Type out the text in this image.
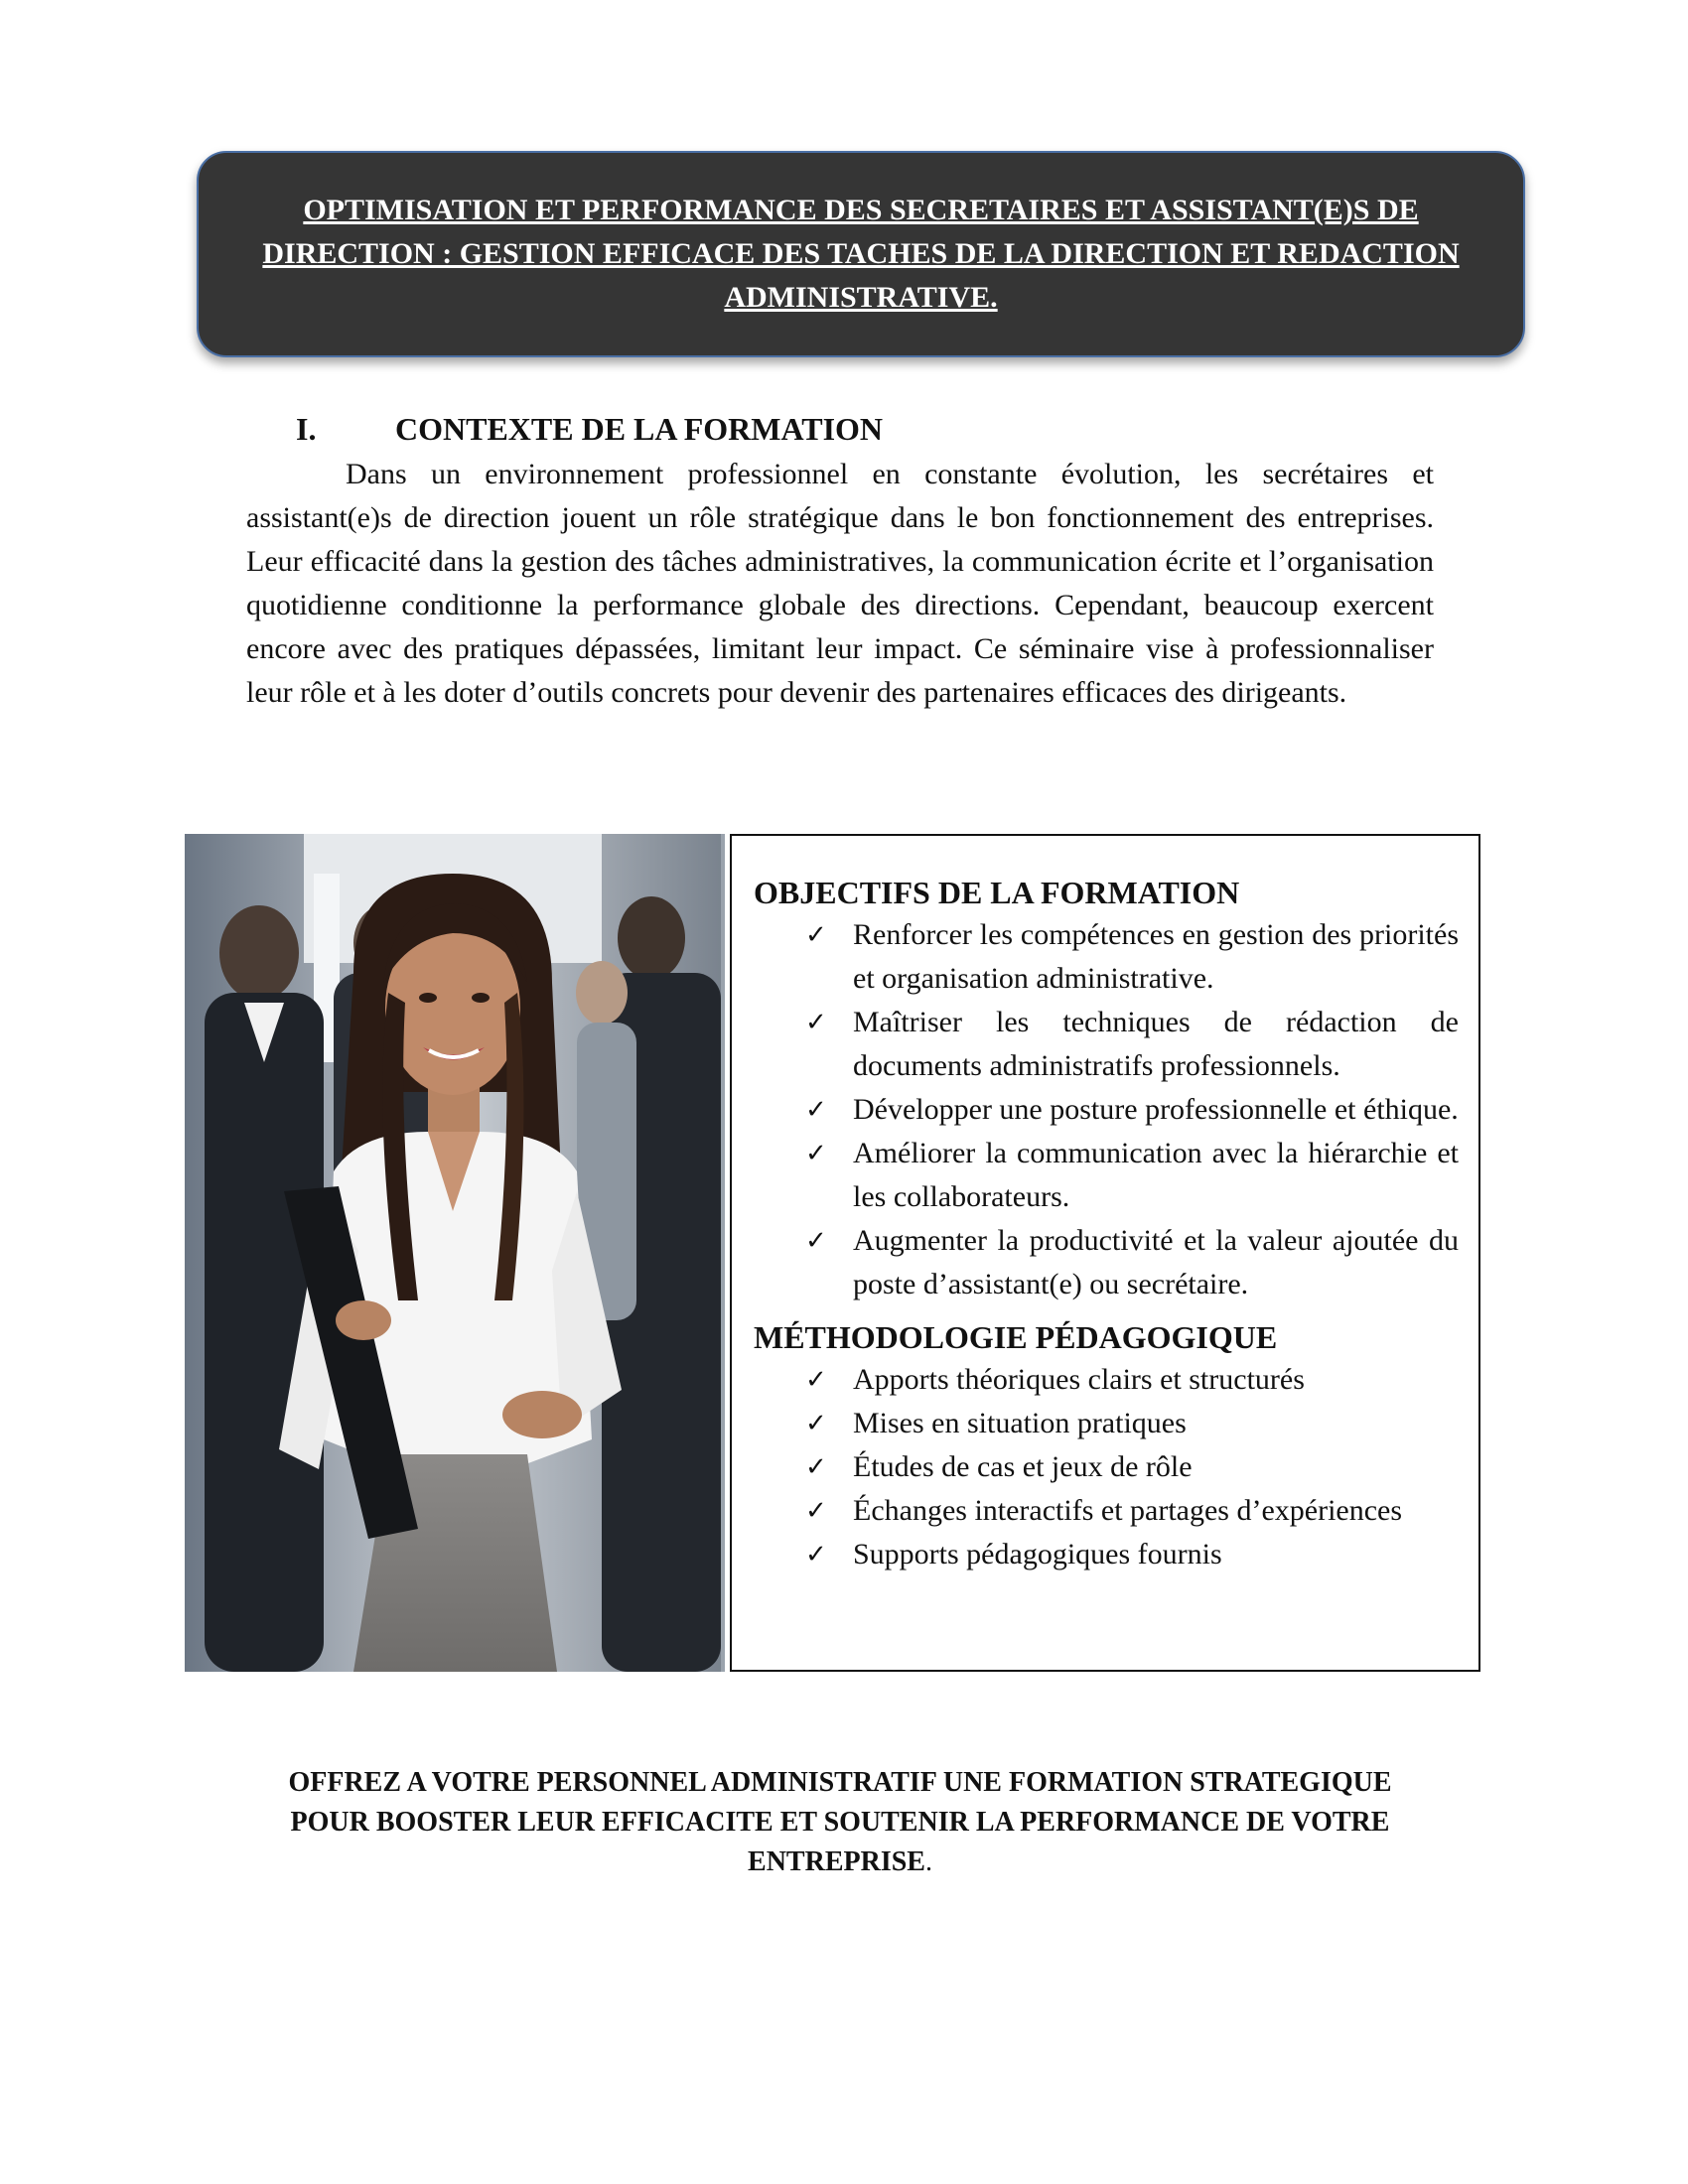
OPTIMISATION ET PERFORMANCE DES SECRETAIRES ET ASSISTANT(E)S DE DIRECTION : GESTION EFFICACE DES TACHES DE LA DIRECTION ET REDACTION ADMINISTRATIVE.

I. CONTEXTE DE LA FORMATION

Dans un environnement professionnel en constante évolution, les secrétaires et assistant(e)s de direction jouent un rôle stratégique dans le bon fonctionnement des entreprises. Leur efficacité dans la gestion des tâches administratives, la communication écrite et l’organisation quotidienne conditionne la performance globale des directions. Cependant, beaucoup exercent encore avec des pratiques dépassées, limitant leur impact. Ce séminaire vise à professionnaliser leur rôle et à les doter d’outils concrets pour devenir des partenaires efficaces des dirigeants.

OBJECTIFS DE LA FORMATION
✓ Renforcer les compétences en gestion des priorités et organisation administrative.
✓ Maîtriser les techniques de rédaction de documents administratifs professionnels.
✓ Développer une posture professionnelle et éthique.
✓ Améliorer la communication avec la hiérarchie et les collaborateurs.
✓ Augmenter la productivité et la valeur ajoutée du poste d’assistant(e) ou secrétaire.
MÉTHODOLOGIE PÉDAGOGIQUE
✓ Apports théoriques clairs et structurés
✓ Mises en situation pratiques
✓ Études de cas et jeux de rôle
✓ Échanges interactifs et partages d’expériences
✓ Supports pédagogiques fournis

OFFREZ A VOTRE PERSONNEL ADMINISTRATIF UNE FORMATION STRATEGIQUE POUR BOOSTER LEUR EFFICACITE ET SOUTENIR LA PERFORMANCE DE VOTRE ENTREPRISE.
